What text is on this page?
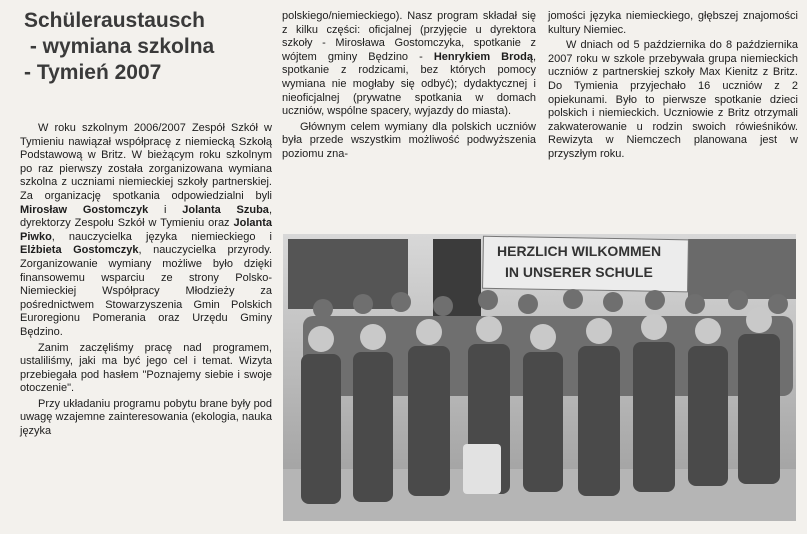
Schüleraustausch
- wymiana szkolna
- Tymień 2007

W roku szkolnym 2006/2007 Zespół Szkół w Tymieniu nawiązał współpracę z niemiecką Szkołą Podstawową w Britz. W bieżącym roku szkolnym po raz pierwszy została zorganizowana wymiana szkolna z uczniami niemieckiej szkoły partnerskiej. Za organizację spotkania odpowiedzialni byli Mirosław Gostomczyk i Jolanta Szuba, dyrektorzy Zespołu Szkół w Tymieniu oraz Jolanta Piwko, nauczycielka języka niemieckiego i Elżbieta Gostomczyk, nauczycielka przyrody. Zorganizowanie wymiany możliwe było dzięki finansowemu wsparciu ze strony Polsko-Niemieckiej Współpracy Młodzieży za pośrednictwem Stowarzyszenia Gmin Polskich Euroregionu Pomerania oraz Urzędu Gminy Będzino.

Zanim zaczęliśmy pracę nad programem, ustaliliśmy, jaki ma być jego cel i temat. Wizyta przebiegała pod hasłem "Poznajemy siebie i swoje otoczenie".

Przy układaniu programu pobytu brane były pod uwagę wzajemne zainteresowania (ekologia, nauka języka

polskiego/niemieckiego). Nasz program składał się z kilku części: oficjalnej (przyjęcie u dyrektora szkoły - Mirosława Gostomczyka, spotkanie z wójtem gminy Będzino - Henrykiem Brodą, spotkanie z rodzicami, bez których pomocy wymiana nie mogłaby się odbyć); dydaktycznej i nieoficjalnej (prywatne spotkania w domach uczniów, wspólne spacery, wyjazdy do miasta).

Głównym celem wymiany dla polskich uczniów była przede wszystkim możliwość podwyższenia poziomu zna-

jomości języka niemieckiego, głębszej znajomości kultury Niemiec.

W dniach od 5 października do 8 października 2007 roku w szkole przebywała grupa niemieckich uczniów z partnerskiej szkoły Max Kienitz z Britz. Do Tymienia przyjechało 16 uczniów z 2 opiekunami. Było to pierwsze spotkanie dzieci polskich i niemieckich. Uczniowie z Britz otrzymali zakwaterowanie u rodzin swoich rówieśników. Rewizyta w Niemczech planowana jest w przyszłym roku.

HERZLICH WILKOMMEN
IN UNSERER SCHULE
